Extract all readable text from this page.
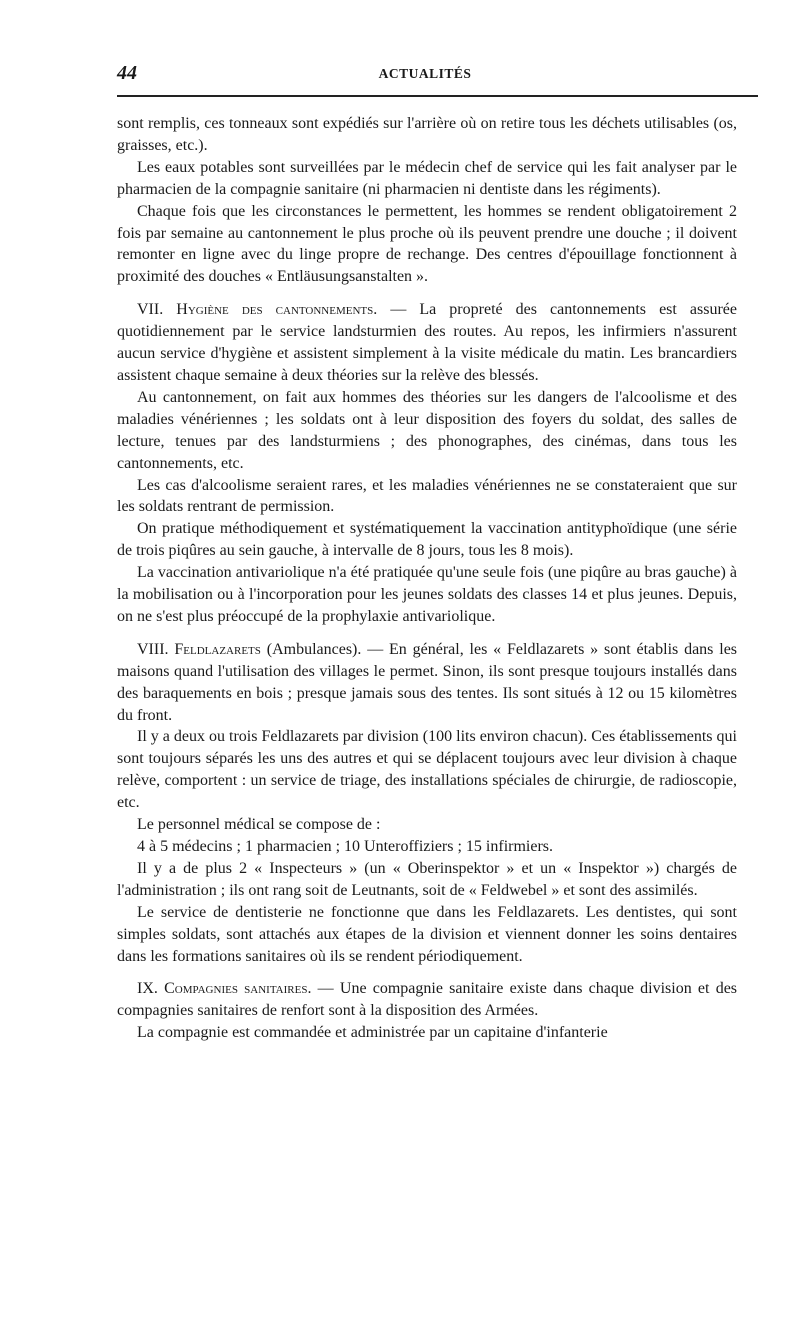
44	ACTUALITÉS

sont remplis, ces tonneaux sont expédiés sur l'arrière où on retire tous les déchets utilisables (os, graisses, etc.).

Les eaux potables sont surveillées par le médecin chef de service qui les fait analyser par le pharmacien de la compagnie sanitaire (ni pharmacien ni dentiste dans les régiments).

Chaque fois que les circonstances le permettent, les hommes se rendent obligatoirement 2 fois par semaine au cantonnement le plus proche où ils peuvent prendre une douche ; il doivent remonter en ligne avec du linge propre de rechange. Des centres d'épouillage fonctionnent à proximité des douches « Entläusungsanstalten ».

VII. Hygiène des cantonnements. — La propreté des cantonnements est assurée quotidiennement par le service landsturmien des routes. Au repos, les infirmiers n'assurent aucun service d'hygiène et assistent simplement à la visite médicale du matin. Les brancardiers assistent chaque semaine à deux théories sur la relève des blessés.

Au cantonnement, on fait aux hommes des théories sur les dangers de l'alcoolisme et des maladies vénériennes ; les soldats ont à leur disposition des foyers du soldat, des salles de lecture, tenues par des landsturmiens ; des phonographes, des cinémas, dans tous les cantonnements, etc.

Les cas d'alcoolisme seraient rares, et les maladies vénériennes ne se constateraient que sur les soldats rentrant de permission.

On pratique méthodiquement et systématiquement la vaccination antityphoïdique (une série de trois piqûres au sein gauche, à intervalle de 8 jours, tous les 8 mois).

La vaccination antivariolique n'a été pratiquée qu'une seule fois (une piqûre au bras gauche) à la mobilisation ou à l'incorporation pour les jeunes soldats des classes 14 et plus jeunes. Depuis, on ne s'est plus préoccupé de la prophylaxie antivariolique.

VIII. Feldlazarets (Ambulances). — En général, les « Feldlazarets » sont établis dans les maisons quand l'utilisation des villages le permet. Sinon, ils sont presque toujours installés dans des baraquements en bois ; presque jamais sous des tentes. Ils sont situés à 12 ou 15 kilomètres du front.

Il y a deux ou trois Feldlazarets par division (100 lits environ chacun). Ces établissements qui sont toujours séparés les uns des autres et qui se déplacent toujours avec leur division à chaque relève, comportent : un service de triage, des installations spéciales de chirurgie, de radioscopie, etc.

Le personnel médical se compose de :

4 à 5 médecins ; 1 pharmacien ; 10 Unteroffiziers ; 15 infirmiers.

Il y a de plus 2 « Inspecteurs » (un « Oberinspektor » et un « Inspektor ») chargés de l'administration ; ils ont rang soit de Leutnants, soit de « Feldwebel » et sont des assimilés.

Le service de dentisterie ne fonctionne que dans les Feldlazarets. Les dentistes, qui sont simples soldats, sont attachés aux étapes de la division et viennent donner les soins dentaires dans les formations sanitaires où ils se rendent périodiquement.

IX. Compagnies sanitaires. — Une compagnie sanitaire existe dans chaque division et des compagnies sanitaires de renfort sont à la disposition des Armées.

La compagnie est commandée et administrée par un capitaine d'infanterie
